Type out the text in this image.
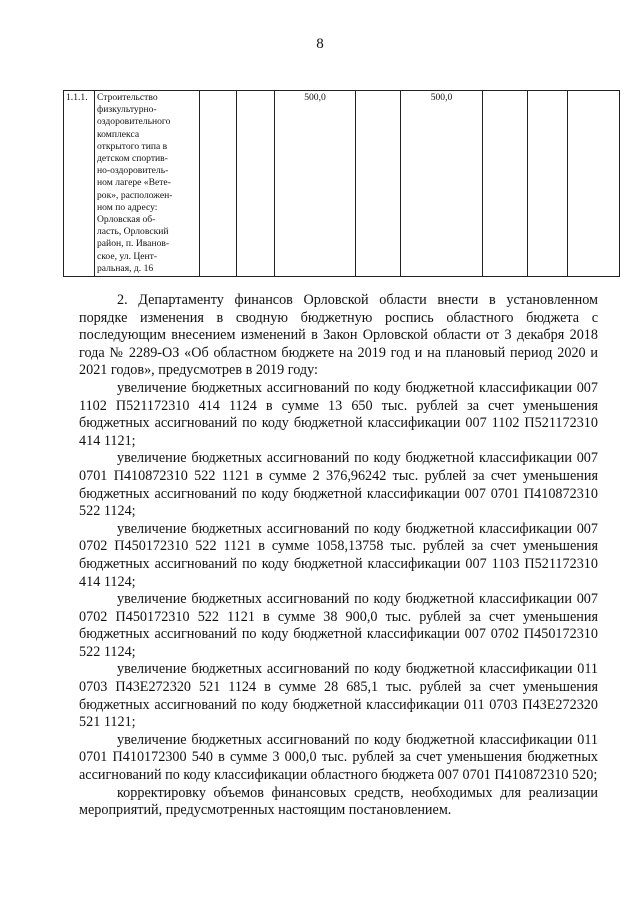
8
1.1.1.	Строительство
физкультурно-
оздоровительного
комплекса
открытого типа в
детском спортив-
но-оздоровитель-
ном лагере «Вете-
рок», расположен-
ном по адресу:
Орловская об-
ласть, Орловский
район, п. Иванов-
ское, ул. Цент-
ральная, д. 16
			500,0		500,0			

2. Департаменту финансов Орловской области внести в установленном порядке изменения в сводную бюджетную роспись областного бюджета с последующим внесением изменений в Закон Орловской области от 3 декабря 2018 года № 2289-ОЗ «Об областном бюджете на 2019 год и на плановый период 2020 и 2021 годов», предусмотрев в 2019 году:

увеличение бюджетных ассигнований по коду бюджетной классификации 007 1102 П521172310 414 1124 в сумме 13 650 тыс. рублей за счет уменьшения бюджетных ассигнований по коду бюджетной классификации 007 1102 П521172310 414 1121;

увеличение бюджетных ассигнований по коду бюджетной классификации 007 0701 П410872310 522 1121 в сумме 2 376,96242 тыс. рублей за счет уменьшения бюджетных ассигнований по коду бюджетной классификации 007 0701 П410872310 522 1124;

увеличение бюджетных ассигнований по коду бюджетной классификации 007 0702 П450172310 522 1121 в сумме 1058,13758 тыс. рублей за счет уменьшения бюджетных ассигнований по коду бюджетной классификации 007 1103 П521172310 414 1124;

увеличение бюджетных ассигнований по коду бюджетной классификации 007 0702 П450172310 522 1121 в сумме 38 900,0 тыс. рублей за счет уменьшения бюджетных ассигнований по коду бюджетной классификации 007 0702 П450172310 522 1124;

увеличение бюджетных ассигнований по коду бюджетной классификации 011 0703 П43Е272320 521 1124 в сумме 28 685,1 тыс. рублей за счет уменьшения бюджетных ассигнований по коду бюджетной классификации 011 0703 П43Е272320 521 1121;

увеличение бюджетных ассигнований по коду бюджетной классификации 011 0701 П410172300 540 в сумме 3 000,0 тыс. рублей за счет уменьшения бюджетных ассигнований по коду классификации областного бюджета 007 0701 П410872310 520;

корректировку объемов финансовых средств, необходимых для реализации мероприятий, предусмотренных настоящим постановлением.
